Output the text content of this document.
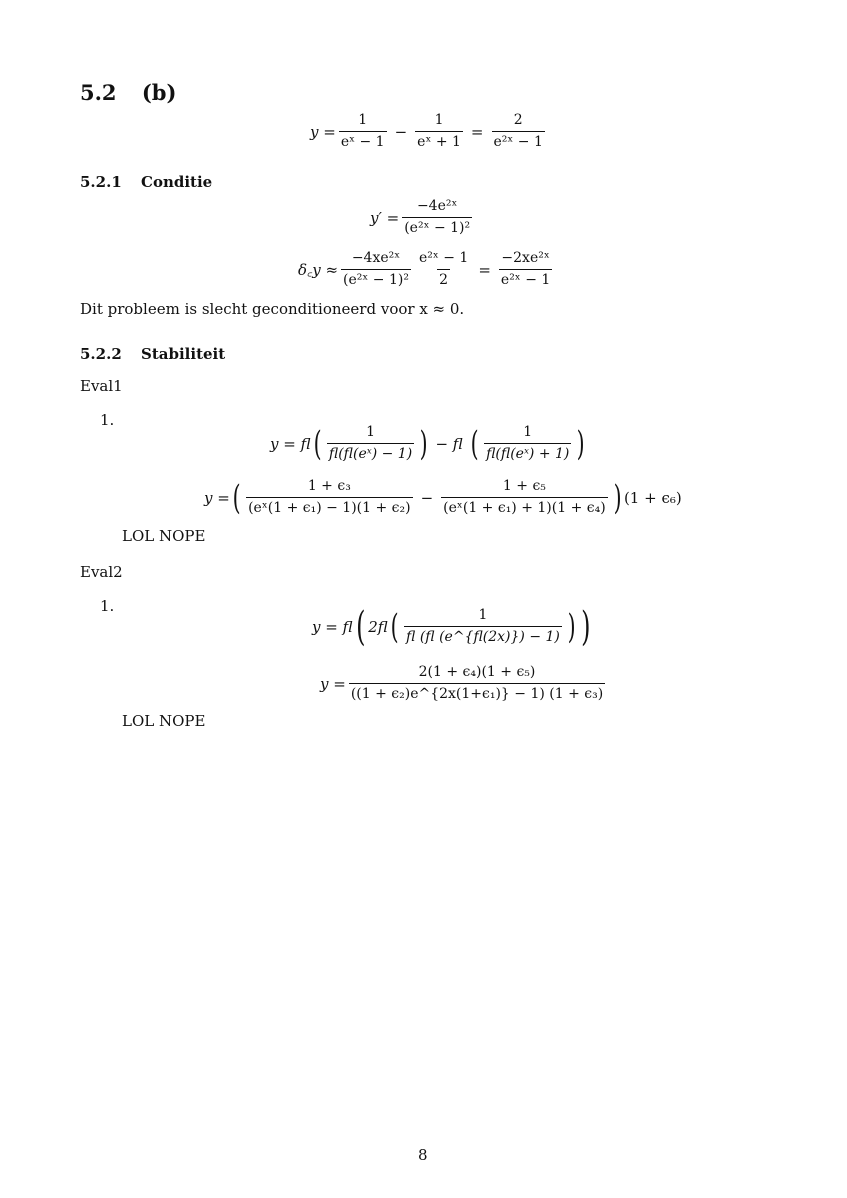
5.2 (b)
$y = \frac{1}{\text{eˣ − 1}} - \frac{1}{\text{eˣ + 1}} = \frac{2}{\text{e²ˣ − 1}}$
5.2.1 Conditie
$y' = \frac{\text{−4e²ˣ}}{\text{(e²ˣ − 1)²}}$
δ꜀y ≈ $\frac{\text{−4xe²ˣ}}{\text{(e²ˣ − 1)²}} \frac{\text{e²ˣ − 1}}{2} = \frac{\text{−2xe²ˣ}}{\text{e²ˣ − 1}}$
Dit probleem is slecht geconditioneerd voor x ≈ 0.
5.2.2 Stabiliteit
Eval1
1.
y = fl ( $\frac{1}{\text{fl(fl(eˣ) − 1)}}$ ) − fl ( $\frac{1}{\text{fl(fl(eˣ) + 1)}}$ )
y = ( $\frac{\text{1 + ϵ₃}}{\text{(eˣ(1 + ϵ₁) − 1)(1 + ϵ₂)}} - \frac{\text{1 + ϵ₅}}{\text{(eˣ(1 + ϵ₁) + 1)(1 + ϵ₄)}}$ ) (1 + ϵ₆)
LOL NOPE
Eval2
1.
y = fl ( 2fl ( $\frac{1}{fl (fl (e\^{}\{fl(2x)\}) - 1)}$ ) )
$y = \frac{\text{2(1 + ϵ₄)(1 + ϵ₅)}}{\text{((1 + ϵ₂)e\textasciicircum{}\{2x(1+ϵ₁)\} − 1) (1 + ϵ₃)}}$
LOL NOPE
8
